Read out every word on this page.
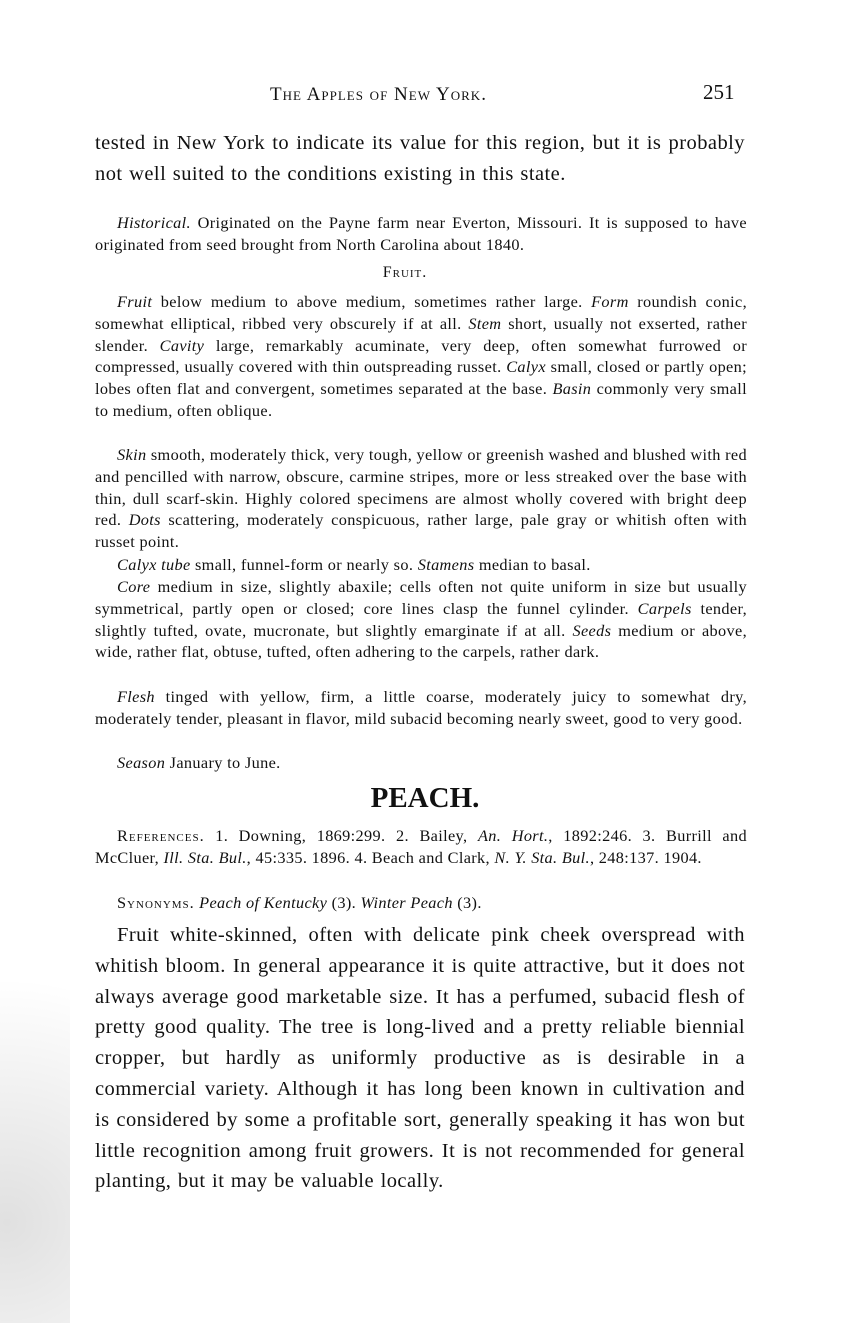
The Apples of New York.	251
tested in New York to indicate its value for this region, but it is probably not well suited to the conditions existing in this state.
Historical. Originated on the Payne farm near Everton, Missouri. It is supposed to have originated from seed brought from North Carolina about 1840.
Fruit.
Fruit below medium to above medium, sometimes rather large. Form roundish conic, somewhat elliptical, ribbed very obscurely if at all. Stem short, usually not exserted, rather slender. Cavity large, remarkably acuminate, very deep, often somewhat furrowed or compressed, usually covered with thin outspreading russet. Calyx small, closed or partly open; lobes often flat and convergent, sometimes separated at the base. Basin commonly very small to medium, often oblique.
Skin smooth, moderately thick, very tough, yellow or greenish washed and blushed with red and pencilled with narrow, obscure, carmine stripes, more or less streaked over the base with thin, dull scarf-skin. Highly colored specimens are almost wholly covered with bright deep red. Dots scattering, moderately conspicuous, rather large, pale gray or whitish often with russet point.
Calyx tube small, funnel-form or nearly so. Stamens median to basal.
Core medium in size, slightly abaxile; cells often not quite uniform in size but usually symmetrical, partly open or closed; core lines clasp the funnel cylinder. Carpels tender, slightly tufted, ovate, mucronate, but slightly emarginate if at all. Seeds medium or above, wide, rather flat, obtuse, tufted, often adhering to the carpels, rather dark.
Flesh tinged with yellow, firm, a little coarse, moderately juicy to somewhat dry, moderately tender, pleasant in flavor, mild subacid becoming nearly sweet, good to very good.
Season January to June.
PEACH.
References. 1. Downing, 1869:299. 2. Bailey, An. Hort., 1892:246. 3. Burrill and McCluer, Ill. Sta. Bul., 45:335. 1896. 4. Beach and Clark, N. Y. Sta. Bul., 248:137. 1904.
Synonyms. Peach of Kentucky (3). Winter Peach (3).
Fruit white-skinned, often with delicate pink cheek overspread with whitish bloom. In general appearance it is quite attractive, but it does not always average good marketable size. It has a perfumed, subacid flesh of pretty good quality. The tree is long-lived and a pretty reliable biennial cropper, but hardly as uniformly productive as is desirable in a commercial variety. Although it has long been known in cultivation and is considered by some a profitable sort, generally speaking it has won but little recognition among fruit growers. It is not recommended for general planting, but it may be valuable locally.
